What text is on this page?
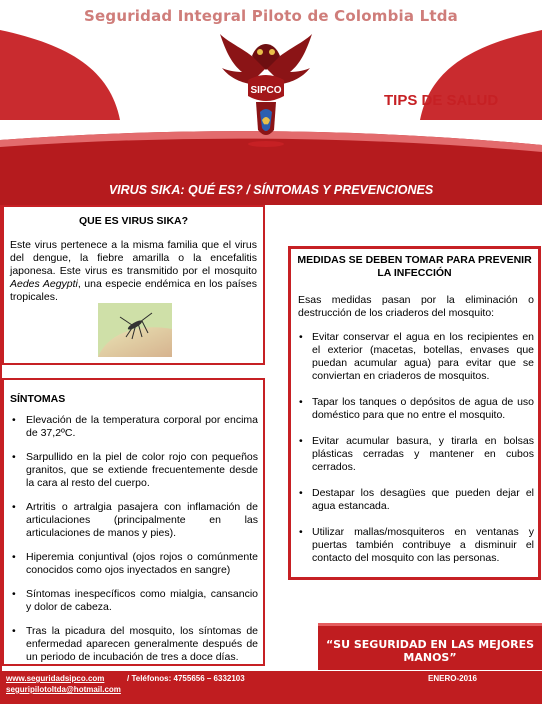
Seguridad Integral Piloto de Colombia Ltda
SIPCO
TIPS DE SALUD
VIRUS SIKA: QUÉ ES? / SÍNTOMAS Y PREVENCIONES
QUE ES VIRUS SIKA?
Este virus pertenece a la misma familia que el virus del dengue, la fiebre amarilla o la encefalitis japonesa. Este virus es transmitido por el mosquito Aedes Aegypti, una especie endémica en los países tropicales.
SÍNTOMAS
• Elevación de la temperatura corporal por encima de 37,2ºC.
• Sarpullido en la piel de color rojo con pequeños granitos, que se extiende frecuentemente desde la cara al resto del cuerpo.
• Artritis o artralgia pasajera con inflamación de articulaciones (principalmente en las articulaciones de manos y pies).
• Hiperemia conjuntival (ojos rojos o comúnmente conocidos como ojos inyectados en sangre)
• Síntomas inespecíficos como mialgia, cansancio y dolor de cabeza.
• Tras la picadura del mosquito, los síntomas de enfermedad aparecen generalmente después de un periodo de incubación de tres a doce días.
MEDIDAS SE DEBEN TOMAR PARA PREVENIR LA INFECCIÓN
Esas medidas pasan por la eliminación o destrucción de los criaderos del mosquito:
• Evitar conservar el agua en los recipientes en el exterior (macetas, botellas, envases que puedan acumular agua) para evitar que se conviertan en criaderos de mosquitos.
• Tapar los tanques o depósitos de agua de uso doméstico para que no entre el mosquito.
• Evitar acumular basura, y tirarla en bolsas plásticas cerradas y mantener en cubos cerrados.
• Destapar los desagües que pueden dejar el agua estancada.
• Utilizar mallas/mosquiteros en ventanas y puertas también contribuye a disminuir el contacto del mosquito con las personas.
“SU SEGURIDAD EN LAS MEJORES MANOS”
www.seguridadsipco.com	/ Teléfonos: 4755656 – 6332103
seguripilotoltda@hotmail.com
ENERO-2016
